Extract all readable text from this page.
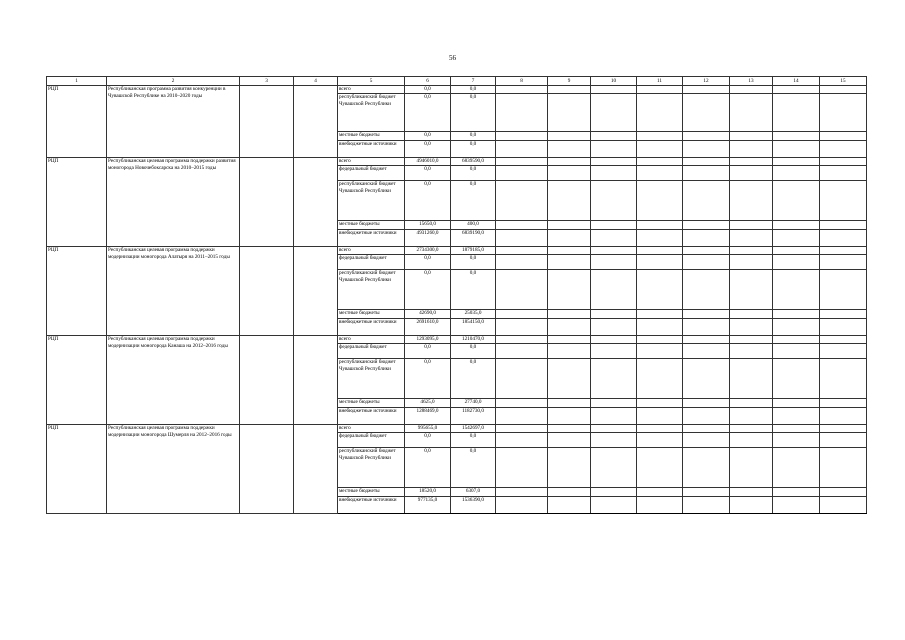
56
1	2	3	4	5	6	7	8	9	10	11	12	13	14	15
РЦП	Республиканская программа развития конкуренции в Чувашской Республике на 2010–2020 годы			всего	0,0	0,0								
				республиканский бюджет Чувашской Республики	0,0	0,0								
				местные бюджеты	0,0	0,0								
				внебюджетные источники	0,0	0,0								
РЦП	Республиканская целевая программа поддержки развития моногорода Новочебоксарска на 2010–2015 годы			всего	4946010,0	6839590,0								
				федеральный бюджет	0,0	0,0								
				республиканский бюджет Чувашской Республики	0,0	0,0								
				местные бюджеты	15650,0	400,0								
				внебюджетные источники	4931260,0	6839190,0								
РЦП	Республиканская целевая программа поддержки модернизации моногорода Алатыря на 2011–2015 годы			всего	2734300,0	1879185,0								
				федеральный бюджет	0,0	0,0								
				республиканский бюджет Чувашской Республики	0,0	0,0								
				местные бюджеты	42690,0	25035,0								
				внебюджетные источники	2691610,0	1854150,0								
РЦП	Республиканская целевая программа поддержки модернизации моногорода Канаша на 2012–2016 годы			всего	1293095,0	1210470,0								
				федеральный бюджет	0,0	0,0								
				республиканский бюджет Чувашской Республики	0,0	0,0								
				местные бюджеты	4625,0	27740,0								
				внебюджетные источники	1288469,0	1182730,0								
РЦП	Республиканская целевая программа поддержки модернизации моногорода Шумерля на 2012–2016 годы			всего	995655,0	1542697,0								
				федеральный бюджет	0,0	0,0								
				республиканский бюджет Чувашской Республики	0,0	0,0								
				местные бюджеты	18520,0	6307,0								
				внебюджетные источники	977135,0	1536390,0								
